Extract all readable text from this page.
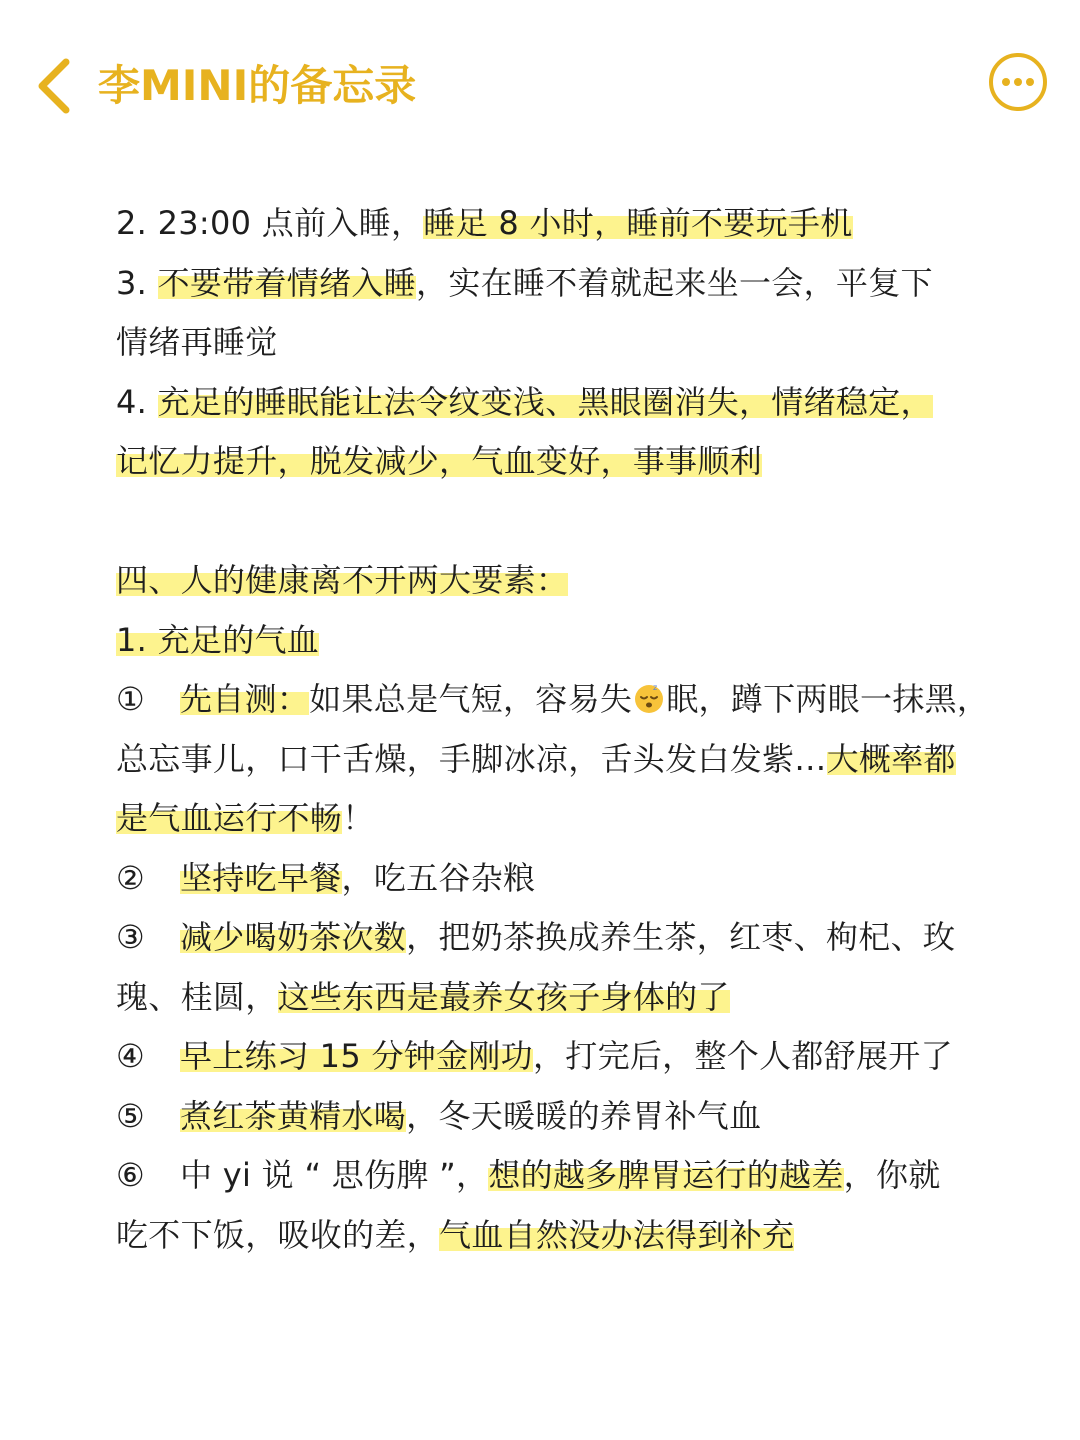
李MINI的备忘录
2. 23:00 点前入睡，睡足 8 小时，睡前不要玩手机
3. 不要带着情绪入睡，实在睡不着就起来坐一会，平复下
情绪再睡觉
4. 充足的睡眠能让法令纹变浅、黑眼圈消失，情绪稳定，
记忆力提升，脱发减少，气血变好，事事顺利
四、人的健康离不开两大要素：
1. 充足的气血
① 先自测：如果总是气短，容易失	z 眠，蹲下两眼一抹黑，
总忘事儿，口干舌燥，手脚冰凉，舌头发白发紫…大概率都
是气血运行不畅！
② 坚持吃早餐，吃五谷杂粮
③ 减少喝奶茶次数，把奶茶换成养生茶，红枣、枸杞、玫
瑰、桂圆，这些东西是蕞养女孩子身体的了
④ 早上练习 15 分钟金刚功，打完后，整个人都舒展开了
⑤ 煮红茶黄精水喝，冬天暖暖的养胃补气血
⑥ 中 yi 说 “ 思伤脾 ”，想的越多脾胃运行的越差，你就
吃不下饭，吸收的差，气血自然没办法得到补充
